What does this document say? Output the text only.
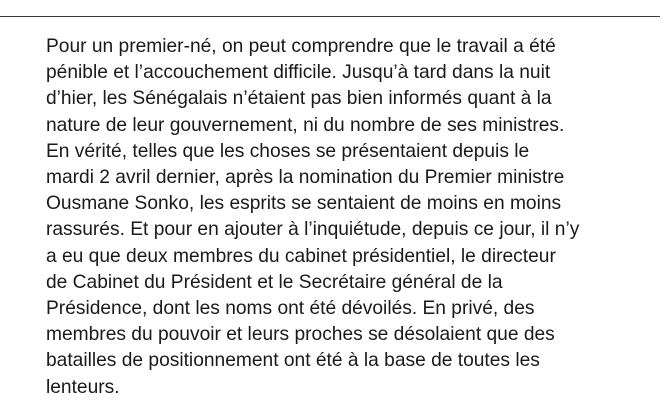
Pour un premier-né, on peut comprendre que le travail a été
pénible et l’accouchement difficile. Jusqu’à tard dans la nuit
d’hier, les Sénégalais n’étaient pas bien informés quant à la
nature de leur gouvernement, ni du nombre de ses ministres.
En vérité, telles que les choses se présentaient depuis le
mardi 2 avril dernier, après la nomination du Premier ministre
Ousmane Sonko, les esprits se sentaient de moins en moins
rassurés. Et pour en ajouter à l’inquiétude, depuis ce jour, il n’y
a eu que deux membres du cabinet présidentiel, le directeur
de Cabinet du Président et le Secrétaire général de la
Présidence, dont les noms ont été dévoilés. En privé, des
membres du pouvoir et leurs proches se désolaient que des
batailles de positionnement ont été à la base de toutes les
lenteurs.
